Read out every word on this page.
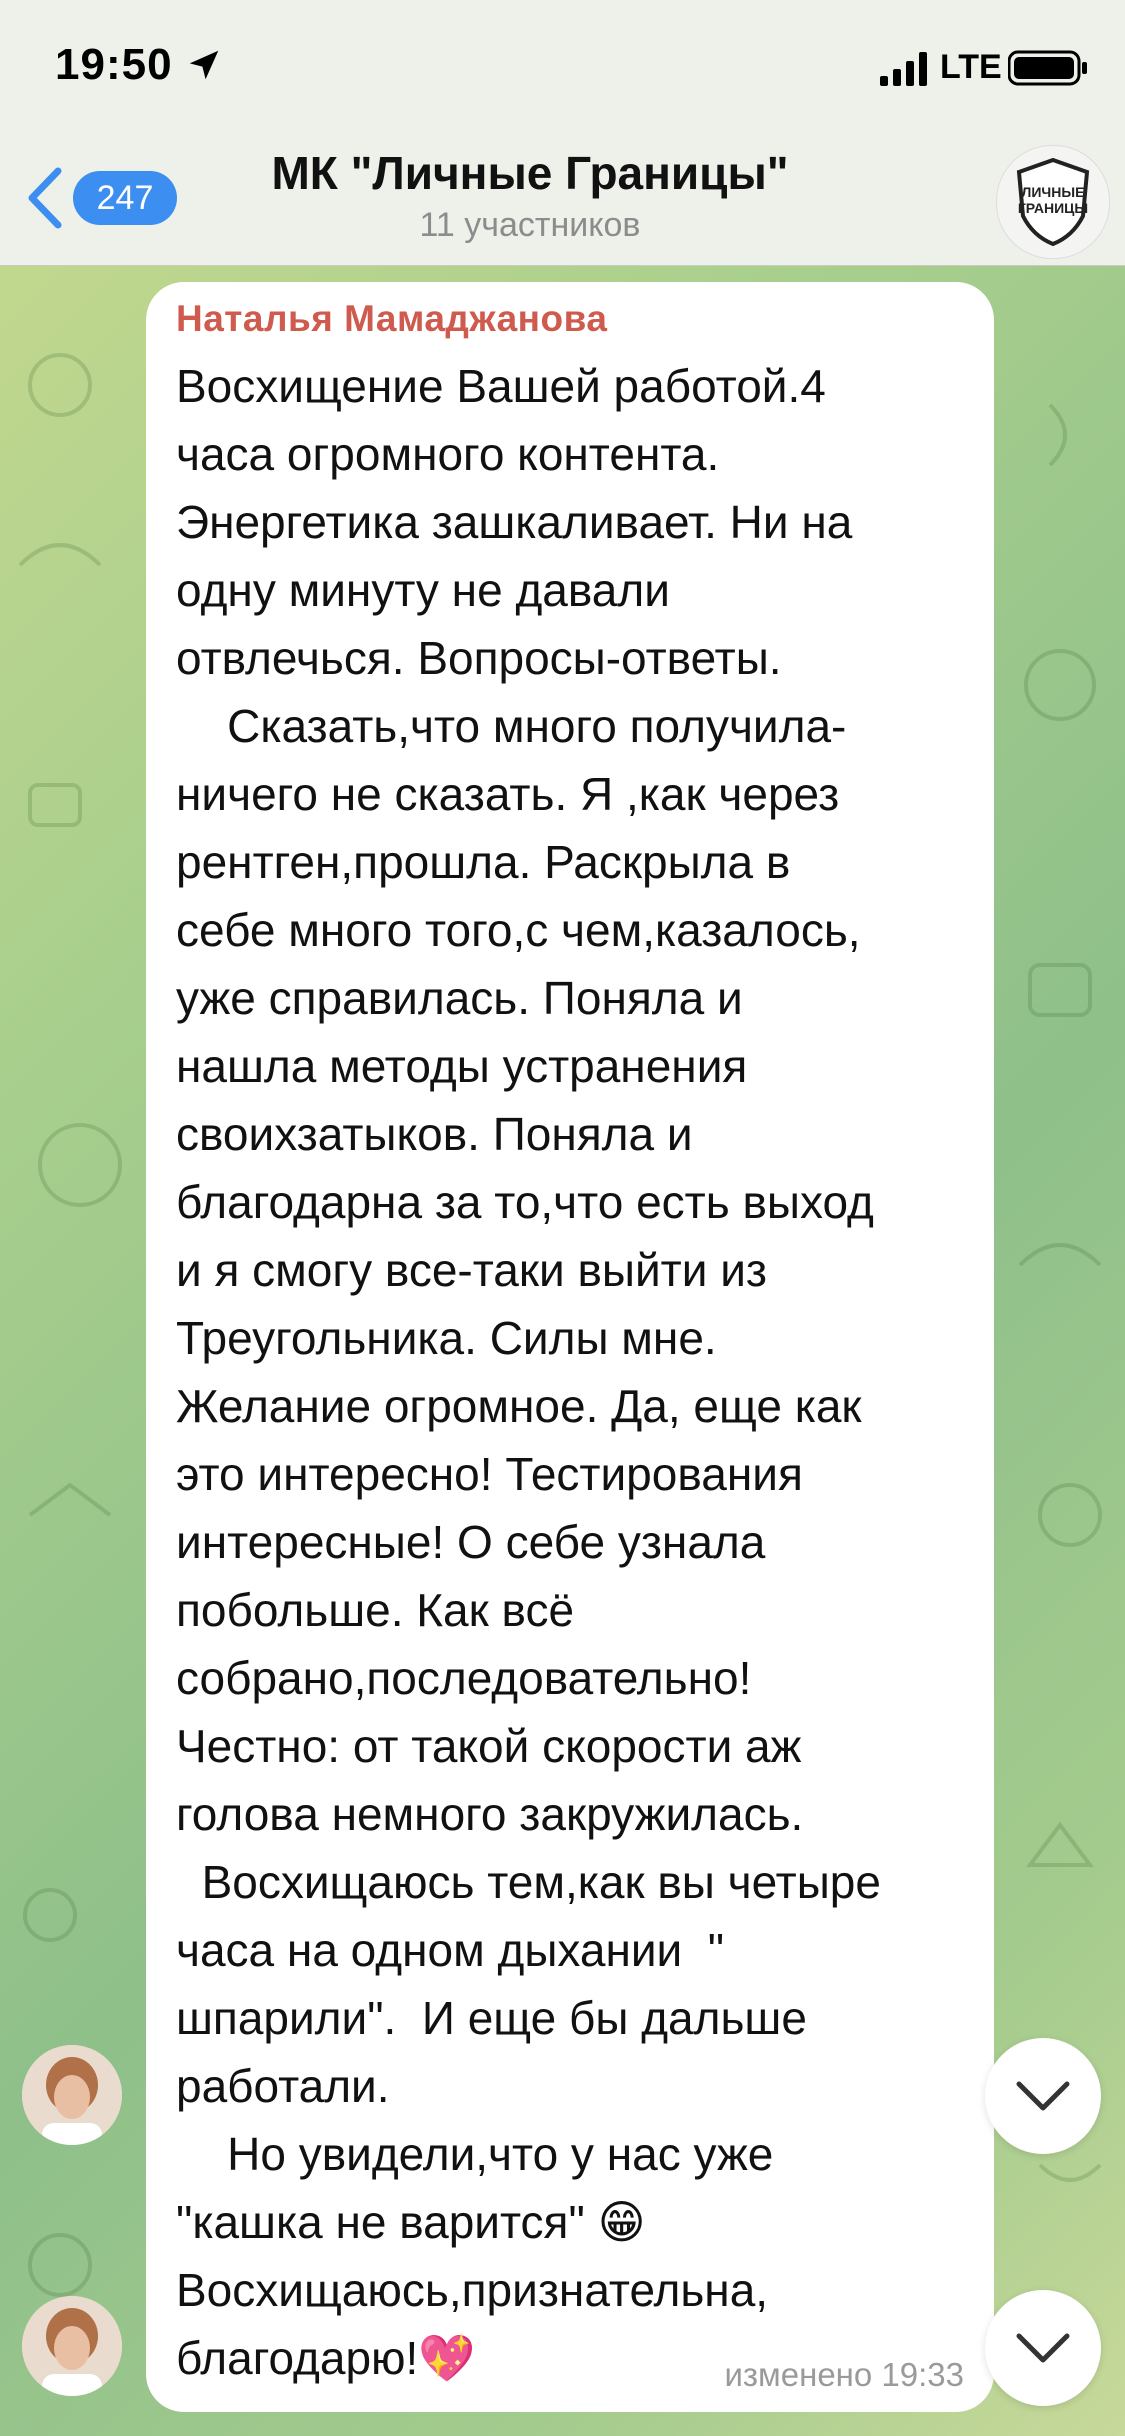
19:50	LTE
247	МК "Личные Границы"
11 участников
ЛИЧНЫЕ
ГРАНИЦЫ
Наталья Мамаджанова

Восхищение Вашей работой.4
часа огромного контента.
Энергетика зашкаливает. Ни на
одну минуту не давали
отвлечься. Вопросы-ответы.
Сказать,что много получила-
ничего не сказать. Я ,как через
рентген,прошла. Раскрыла в
себе много того,с чем,казалось,
уже справилась. Поняла и
нашла методы устранения
своихзатыков. Поняла и
благодарна за то,что есть выход
и я смогу все-таки выйти из
Треугольника. Силы мне.
Желание огромное. Да, еще как
это интересно! Тестирования
интересные! О себе узнала
побольше. Как всё
собрано,последовательно!
Честно: от такой скорости аж
голова немного закружилась.
Восхищаюсь тем,как вы четыре
часа на одном дыхании  "
шпарили".  И еще бы дальше
работали.
Но увидели,что у нас уже
"кашка не варится" 😁
Восхищаюсь,признательна,
благодарю!💖	изменено 19:33
